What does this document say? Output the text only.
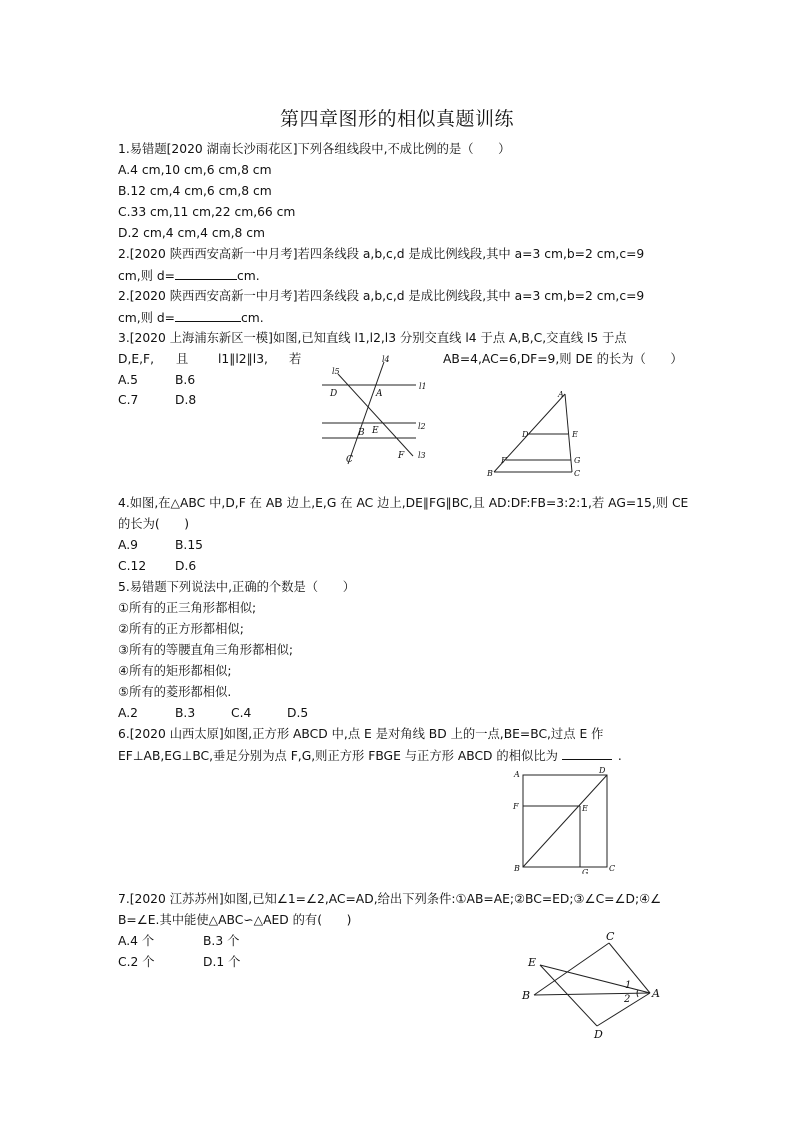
第四章图形的相似真题训练
1.易错题[2020 湖南长沙雨花区]下列各组线段中,不成比例的是（　　）
A.4 cm,10 cm,6 cm,8 cm
B.12 cm,4 cm,6 cm,8 cm
C.33 cm,11 cm,22 cm,66 cm
D.2 cm,4 cm,4 cm,8 cm
2.[2020 陕西西安高新一中月考]若四条线段 a,b,c,d 是成比例线段,其中 a=3 cm,b=2 cm,c=9
cm,则 d=	cm.
2.[2020 陕西西安高新一中月考]若四条线段 a,b,c,d 是成比例线段,其中 a=3 cm,b=2 cm,c=9
cm,则 d=	cm.
3.[2020 上海浦东新区一模]如图,已知直线 l1,l2,l3 分别交直线 l4 于点 A,B,C,交直线 l5 于点
D,E,F, 且 l1∥l2∥l3, 若	AB=4,AC=6,DF=9,则 DE 的长为（　　）
A.5	B.6
C.7	D.8
l5
l4
l1
D	A
l2
B E
C	F l3
A
D	E
F	G
B	C
4.如图,在△ABC 中,D,F 在 AB 边上,E,G 在 AC 边上,DE∥FG∥BC,且 AD:DF:FB=3:2:1,若 AG=15,则 CE
的长为(　　)
A.9	B.15
C.12 D.6
5.易错题下列说法中,正确的个数是（　　）
①所有的正三角形都相似;
②所有的正方形都相似;
③所有的等腰直角三角形都相似;
④所有的矩形都相似;
⑤所有的菱形都相似.
A.2	B.3	C.4	D.5
6.[2020 山西太原]如图,正方形 ABCD 中,点 E 是对角线 BD 上的一点,BE=BC,过点 E 作
EF⊥AB,EG⊥BC,垂足分别为点 F,G,则正方形 FBGE 与正方形 ABCD 的相似比为	.
A	D
F	E
B	G	C
7.[2020 江苏苏州]如图,已知∠1=∠2,AC=AD,给出下列条件:①AB=AE;②BC=ED;③∠C=∠D;④∠
B=∠E.其中能使△ABC∽△AED 的有(　　)
A.4 个	B.3 个
C.2 个	D.1 个
C
E
1
B	2 A
D
